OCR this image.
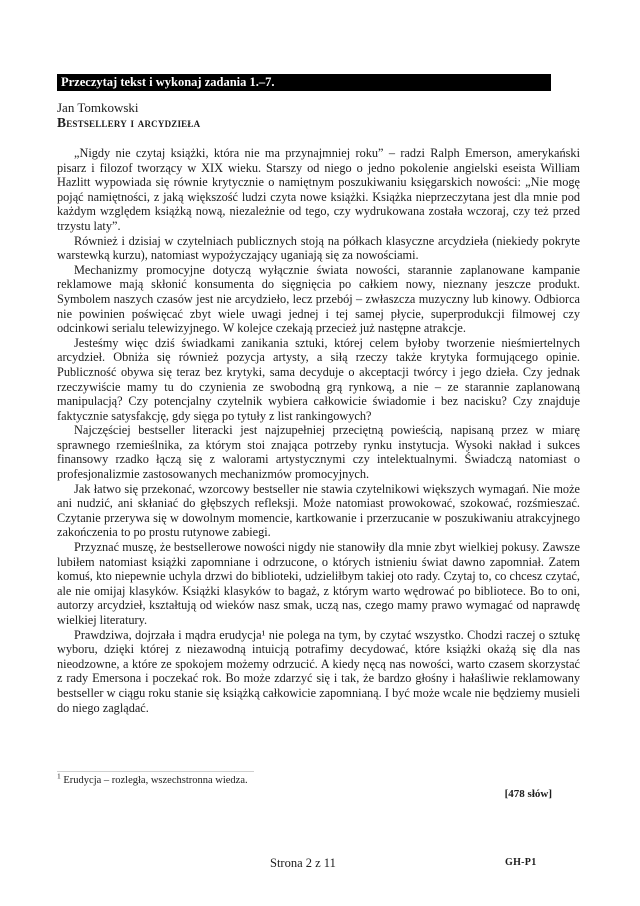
Przeczytaj tekst i wykonaj zadania 1.–7.
Jan Tomkowski
Bestsellery i arcydzieła

„Nigdy nie czytaj książki, która nie ma przynajmniej roku” – radzi Ralph Emerson, amerykański pisarz i filozof tworzący w XIX wieku. Starszy od niego o jedno pokolenie angielski eseista William Hazlitt wypowiada się równie krytycznie o namiętnym poszukiwaniu księgarskich nowości: „Nie mogę pojąć namiętności, z jaką większość ludzi czyta nowe książki. Książka nieprzeczytana jest dla mnie pod każdym względem książką nową, niezależnie od tego, czy wydrukowana została wczoraj, czy też przed trzystu laty”.

Również i dzisiaj w czytelniach publicznych stoją na półkach klasyczne arcydzieła (niekiedy pokryte warstewką kurzu), natomiast wypożyczający uganiają się za nowościami.

Mechanizmy promocyjne dotyczą wyłącznie świata nowości, starannie zaplanowane kampanie reklamowe mają skłonić konsumenta do sięgnięcia po całkiem nowy, nieznany jeszcze produkt. Symbolem naszych czasów jest nie arcydzieło, lecz przebój – zwłaszcza muzyczny lub kinowy. Odbiorca nie powinien poświęcać zbyt wiele uwagi jednej i tej samej płycie, superprodukcji filmowej czy odcinkowi serialu telewizyjnego. W kolejce czekają przecież już następne atrakcje.

Jesteśmy więc dziś świadkami zanikania sztuki, której celem byłoby tworzenie nieśmiertelnych arcydzieł. Obniża się również pozycja artysty, a siłą rzeczy także krytyka formującego opinie. Publiczność obywa się teraz bez krytyki, sama decyduje o akceptacji twórcy i jego dzieła. Czy jednak rzeczywiście mamy tu do czynienia ze swobodną grą rynkową, a nie – ze starannie zaplanowaną manipulacją? Czy potencjalny czytelnik wybiera całkowicie świadomie i bez nacisku? Czy znajduje faktycznie satysfakcję, gdy sięga po tytuły z list rankingowych?

Najczęściej bestseller literacki jest najzupełniej przeciętną powieścią, napisaną przez w miarę sprawnego rzemieślnika, za którym stoi znająca potrzeby rynku instytucja. Wysoki nakład i sukces finansowy rzadko łączą się z walorami artystycznymi czy intelektualnymi. Świadczą natomiast o profesjonalizmie zastosowanych mechanizmów promocyjnych.

Jak łatwo się przekonać, wzorcowy bestseller nie stawia czytelnikowi większych wymagań. Nie może ani nudzić, ani skłaniać do głębszych refleksji. Może natomiast prowokować, szokować, rozśmieszać. Czytanie przerywa się w dowolnym momencie, kartkowanie i przerzucanie w poszukiwaniu atrakcyjnego zakończenia to po prostu rutynowe zabiegi.

Przyznać muszę, że bestsellerowe nowości nigdy nie stanowiły dla mnie zbyt wielkiej pokusy. Zawsze lubiłem natomiast książki zapomniane i odrzucone, o których istnieniu świat dawno zapomniał. Zatem komuś, kto niepewnie uchyla drzwi do biblioteki, udzieliłbym takiej oto rady. Czytaj to, co chcesz czytać, ale nie omijaj klasyków. Książki klasyków to bagaż, z którym warto wędrować po bibliotece. Bo to oni, autorzy arcydzieł, kształtują od wieków nasz smak, uczą nas, czego mamy prawo wymagać od naprawdę wielkiej literatury.

Prawdziwa, dojrzała i mądra erudycja¹ nie polega na tym, by czytać wszystko. Chodzi raczej o sztukę wyboru, dzięki której z niezawodną intuicją potrafimy decydować, które książki okażą się dla nas nieodzowne, a które ze spokojem możemy odrzucić. A kiedy nęcą nas nowości, warto czasem skorzystać z rady Emersona i poczekać rok. Bo może zdarzyć się i tak, że bardzo głośny i hałaśliwie reklamowany bestseller w ciągu roku stanie się książką całkowicie zapomnianą. I być może wcale nie będziemy musieli do niego zaglądać.

$^1$ Erudycja – rozległa, wszechstronna wiedza.
[478 słów]
Strona 2 z 11	GH-P1
